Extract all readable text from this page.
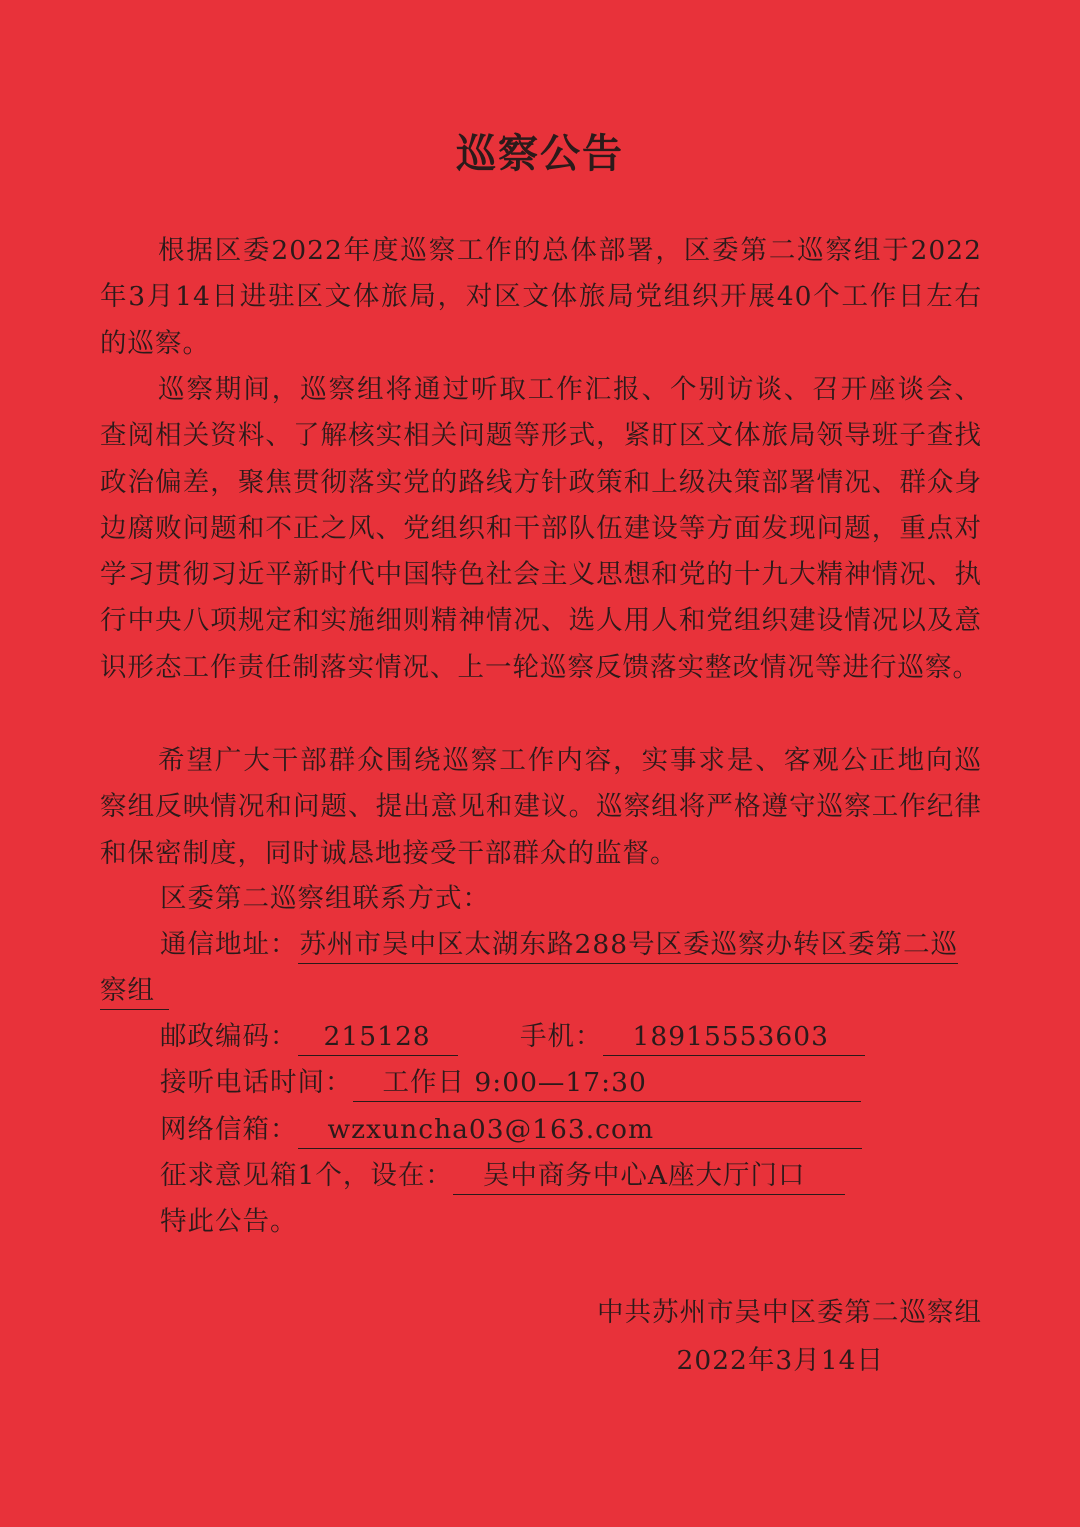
巡察公告
根据区委2022年度巡察工作的总体部署，区委第二巡察组于2022年3月14日进驻区文体旅局，对区文体旅局党组织开展40个工作日左右的巡察。
巡察期间，巡察组将通过听取工作汇报、个别访谈、召开座谈会、查阅相关资料、了解核实相关问题等形式，紧盯区文体旅局领导班子查找政治偏差，聚焦贯彻落实党的路线方针政策和上级决策部署情况、群众身边腐败问题和不正之风、党组织和干部队伍建设等方面发现问题，重点对学习贯彻习近平新时代中国特色社会主义思想和党的十九大精神情况、执行中央八项规定和实施细则精神情况、选人用人和党组织建设情况以及意识形态工作责任制落实情况、上一轮巡察反馈落实整改情况等进行巡察。
希望广大干部群众围绕巡察工作内容，实事求是、客观公正地向巡察组反映情况和问题、提出意见和建议。巡察组将严格遵守巡察工作纪律和保密制度，同时诚恳地接受干部群众的监督。
区委第二巡察组联系方式：
通信地址：苏州市吴中区太湖东路288号区委巡察办转区委第二巡
察组
邮政编码： 215128	手机： 18915553603
接听电话时间： 工作日 9:00—17:30
网络信箱： wzxuncha03@163.com
征求意见箱1个，设在： 吴中商务中心A座大厅门口
特此公告。
中共苏州市吴中区委第二巡察组
2022年3月14日
